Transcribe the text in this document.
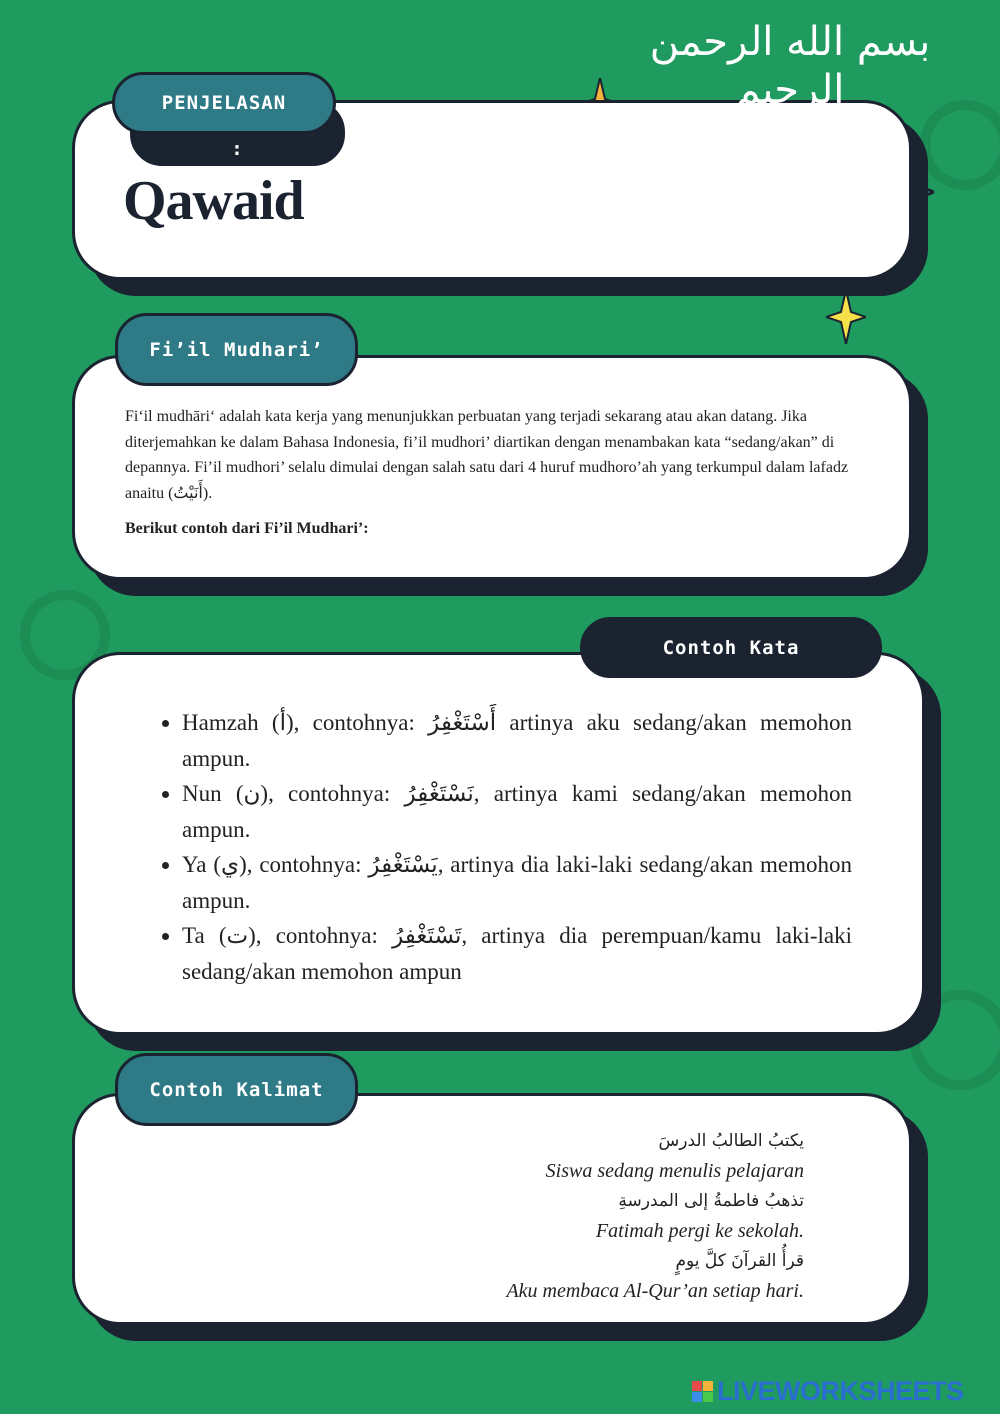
Qawaid
:
PENJELASAN
بسم الله الرحمن الرحيم

Fi‘il mudhāri‘ adalah kata kerja yang menunjukkan perbuatan yang terjadi sekarang atau akan datang. Jika diterjemahkan ke dalam Bahasa Indonesia, fi’il mudhori’ diartikan dengan menambakan kata “sedang/akan” di depannya. Fi’il mudhori’ selalu dimulai dengan salah satu dari 4 huruf mudhoro’ah yang terkumpul dalam lafadz anaitu (أَنَيْتُ).

Berikut contoh dari Fi’il Mudhari’:

Fi’il Mudhari’
• Hamzah (أ), contohnya: أَسْتَغْفِرُ artinya aku sedang/akan memohon ampun.
• Nun (ن), contohnya: نَسْتَغْفِرُ, artinya kami sedang/akan memohon ampun.
• Ya (ي), contohnya: يَسْتَغْفِرُ, artinya dia laki-laki sedang/akan memohon ampun.
• Ta (ت), contohnya: تَسْتَغْفِرُ, artinya dia perempuan/kamu laki-laki sedang/akan memohon ampun
Contoh Kata
يكتبُ الطالبُ الدرسَ
Siswa sedang menulis pelajaran
تذهبُ فاطمةُ إلى المدرسةِ
Fatimah pergi ke sekolah.
قرأُ القرآنَ كلَّ يومٍ
Aku membaca Al-Qur’an setiap hari.
Contoh Kalimat
LIVEWORKSHEETS
